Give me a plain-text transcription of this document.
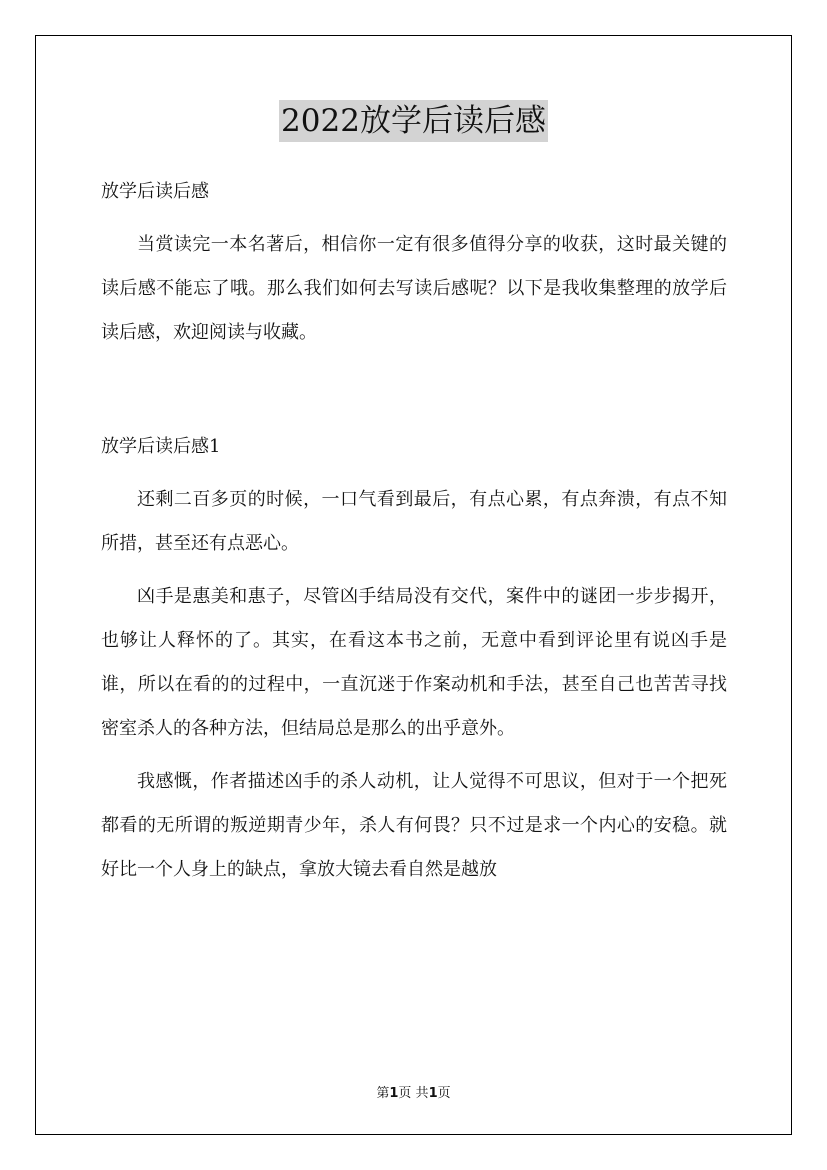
2022放学后读后感

放学后读后感

当赏读完一本名著后，相信你一定有很多值得分享的收获，这时最关键的读后感不能忘了哦。那么我们如何去写读后感呢？以下是我收集整理的放学后读后感，欢迎阅读与收藏。

放学后读后感1

还剩二百多页的时候，一口气看到最后，有点心累，有点奔溃，有点不知所措，甚至还有点恶心。

凶手是惠美和惠子，尽管凶手结局没有交代，案件中的谜团一步步揭开，也够让人释怀的了。其实，在看这本书之前，无意中看到评论里有说凶手是谁，所以在看的的过程中，一直沉迷于作案动机和手法，甚至自己也苦苦寻找密室杀人的各种方法，但结局总是那么的出乎意外。

我感慨，作者描述凶手的杀人动机，让人觉得不可思议，但对于一个把死都看的无所谓的叛逆期青少年，杀人有何畏？只不过是求一个内心的安稳。就好比一个人身上的缺点，拿放大镜去看自然是越放

第1页 共1页
